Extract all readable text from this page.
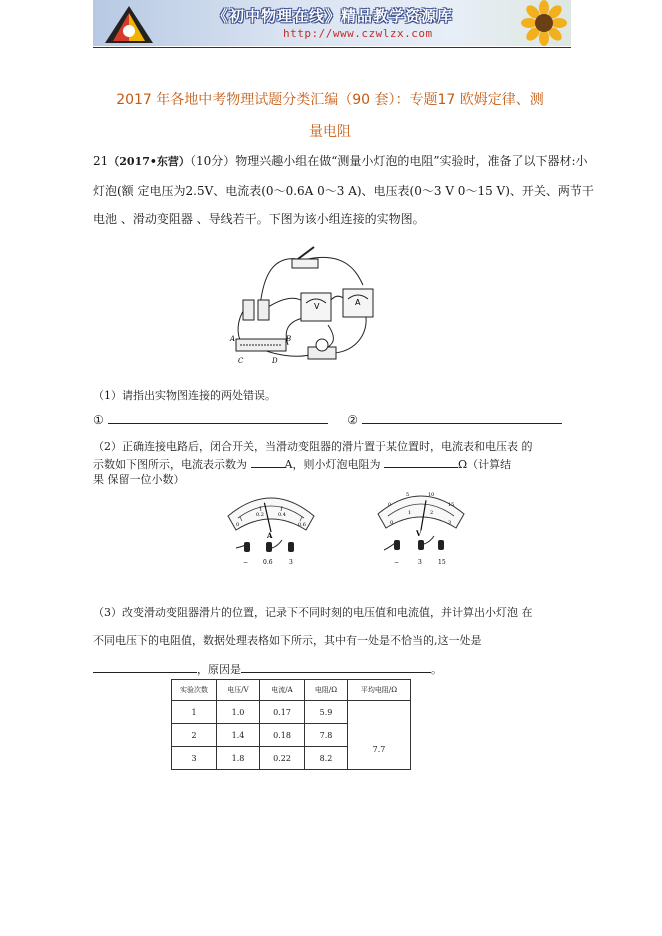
《初中物理在线》精品教学资源库
http://www.czwlzx.com
2017 年各地中考物理试题分类汇编（90 套）：专题17 欧姆定律、测
量电阻
21（2017•东营）（10分）物理兴趣小组在做“测量小灯泡的电阻”实验时，准备了以下器材:小
灯泡(额 定电压为2.5V、电流表(0～0.6A 0～3 A)、电压表(0～3 V 0～15 V)、开关、两节干
电池 、滑动变阻器 、导线若干。下图为该小组连接的实物图。
V	A
A	B
C	D
（1）请指出实物图连接的两处错误。
①	②
（2）正确连接电路后，闭合开关，当滑动变阻器的滑片置于某位置时，电流表和电压表 的
示数如下图所示，电流表示数为	A，则小灯泡电阻为	Ω（计算结
果 保留一位小数）
0
0.2	0.4
0.6
A
− 0.6	3
0
5	10
15
0
1	2
3
V
−	3	15
（3）改变滑动变阻器滑片的位置，记录下不同时刻的电压值和电流值，并计算出小灯泡 在
不同电压下的电阻值，数据处理表格如下所示，其中有一处是不恰当的,这一处是
，原因是	。
实验次数	电压/V	电流/A	电阻/Ω	平均电阻/Ω
1	1.0	0.17	5.9	7.7
2	1.4	0.18	7.8	
3	1.8	0.22	8.2	
